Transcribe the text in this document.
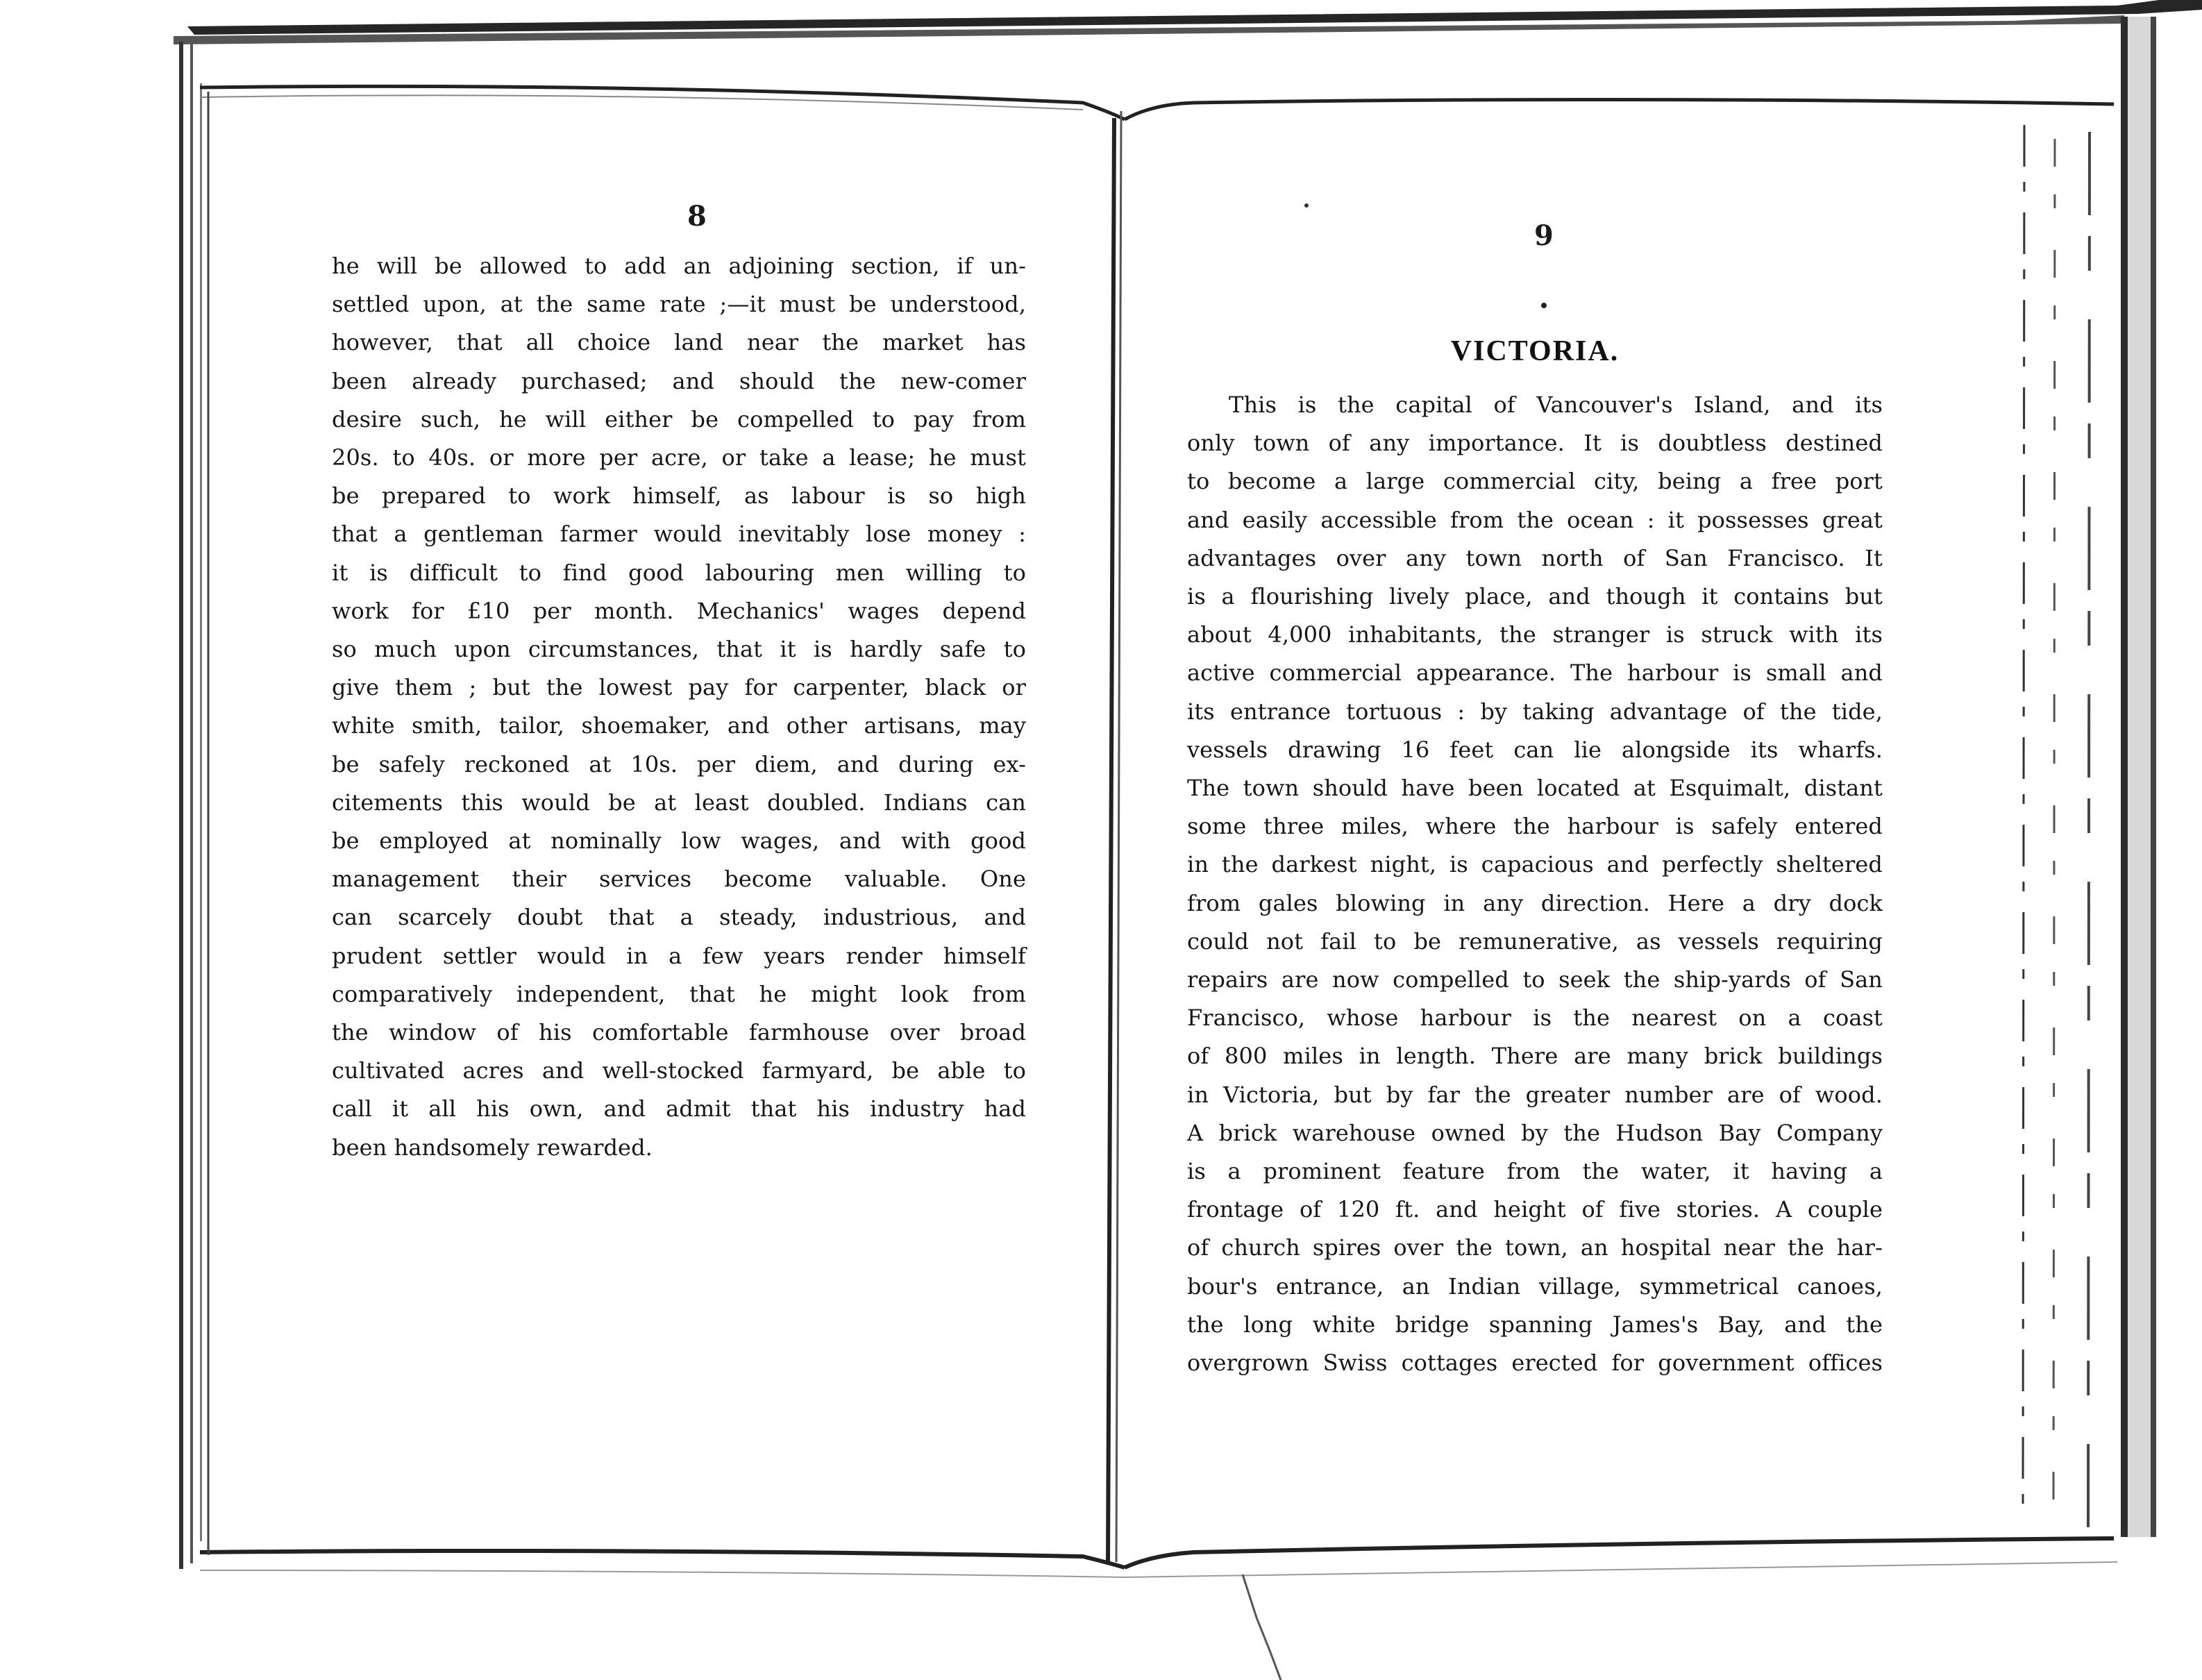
8

he will be allowed to add an adjoining section, if un-

settled upon, at the same rate ;—it must be understood,

however, that all choice land near the market has

been already purchased; and should the new-comer

desire such, he will either be compelled to pay from

20s. to 40s. or more per acre, or take a lease; he must

be prepared to work himself, as labour is so high

that a gentleman farmer would inevitably lose money :

it is difficult to find good labouring men willing to

work for £10 per month. Mechanics' wages depend

so much upon circumstances, that it is hardly safe to

give them ; but the lowest pay for carpenter, black or

white smith, tailor, shoemaker, and other artisans, may

be safely reckoned at 10s. per diem, and during ex-

citements this would be at least doubled. Indians can

be employed at nominally low wages, and with good

management their services become valuable. One

can scarcely doubt that a steady, industrious, and

prudent settler would in a few years render himself

comparatively independent, that he might look from

the window of his comfortable farmhouse over broad

cultivated acres and well-stocked farmyard, be able to

call it all his own, and admit that his industry had

been handsomely rewarded.

9
VICTORIA.

This is the capital of Vancouver's Island, and its

only town of any importance. It is doubtless destined

to become a large commercial city, being a free port

and easily accessible from the ocean : it possesses great

advantages over any town north of San Francisco. It

is a flourishing lively place, and though it contains but

about 4,000 inhabitants, the stranger is struck with its

active commercial appearance. The harbour is small and

its entrance tortuous : by taking advantage of the tide,

vessels drawing 16 feet can lie alongside its wharfs.

The town should have been located at Esquimalt, distant

some three miles, where the harbour is safely entered

in the darkest night, is capacious and perfectly sheltered

from gales blowing in any direction. Here a dry dock

could not fail to be remunerative, as vessels requiring

repairs are now compelled to seek the ship-yards of San

Francisco, whose harbour is the nearest on a coast

of 800 miles in length. There are many brick buildings

in Victoria, but by far the greater number are of wood.

A brick warehouse owned by the Hudson Bay Company

is a prominent feature from the water, it having a

frontage of 120 ft. and height of five stories. A couple

of church spires over the town, an hospital near the har-

bour's entrance, an Indian village, symmetrical canoes,

the long white bridge spanning James's Bay, and the

overgrown Swiss cottages erected for government offices
